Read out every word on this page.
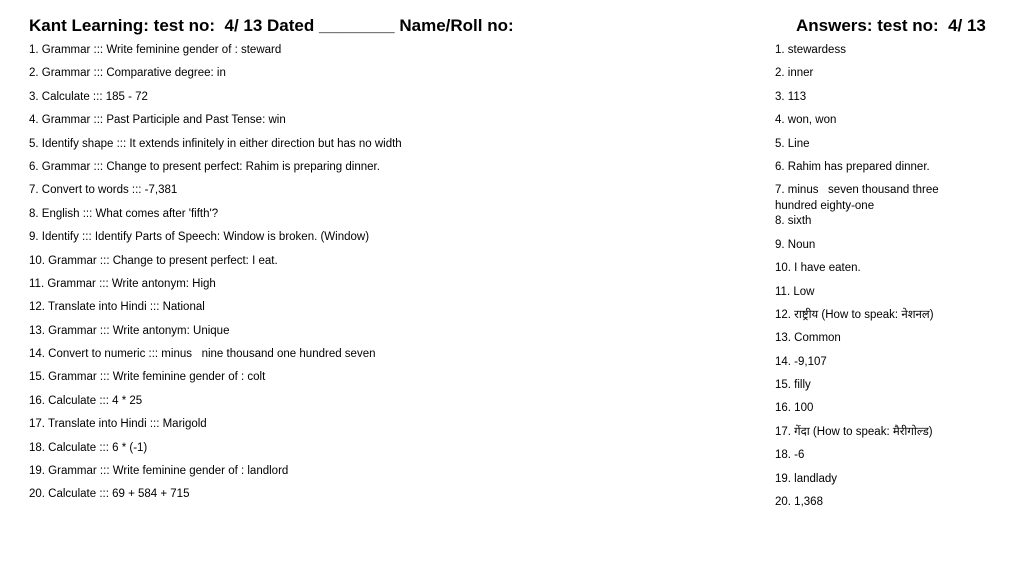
Kant Learning: test no:  4/ 13 Dated ________ Name/Roll no:	Answers: test no:  4/ 13
1. Grammar ::: Write feminine gender of : steward
2. Grammar ::: Comparative degree: in
3. Calculate ::: 185 - 72
4. Grammar ::: Past Participle and Past Tense: win
5. Identify shape ::: It extends infinitely in either direction but has no width
6. Grammar ::: Change to present perfect: Rahim is preparing dinner.
7. Convert to words ::: -7,381
8. English ::: What comes after 'fifth'?
9. Identify ::: Identify Parts of Speech: Window is broken. (Window)
10. Grammar ::: Change to present perfect: I eat.
11. Grammar ::: Write antonym: High
12. Translate into Hindi ::: National
13. Grammar ::: Write antonym: Unique
14. Convert to numeric ::: minus   nine thousand one hundred seven
15. Grammar ::: Write feminine gender of : colt
16. Calculate ::: 4 * 25
17. Translate into Hindi ::: Marigold
18. Calculate ::: 6 * (-1)
19. Grammar ::: Write feminine gender of : landlord
20. Calculate ::: 69 + 584 + 715
1. stewardess
2. inner
3. 113
4. won, won
5. Line
6. Rahim has prepared dinner.
7. minus   seven thousand three hundred eighty-one
8. sixth
9. Noun
10. I have eaten.
11. Low
12. राष्ट्रीय (How to speak: नेशनल)
13. Common
14. -9,107
15. filly
16. 100
17. गेंदा (How to speak: मैरीगोल्ड)
18. -6
19. landlady
20. 1,368
